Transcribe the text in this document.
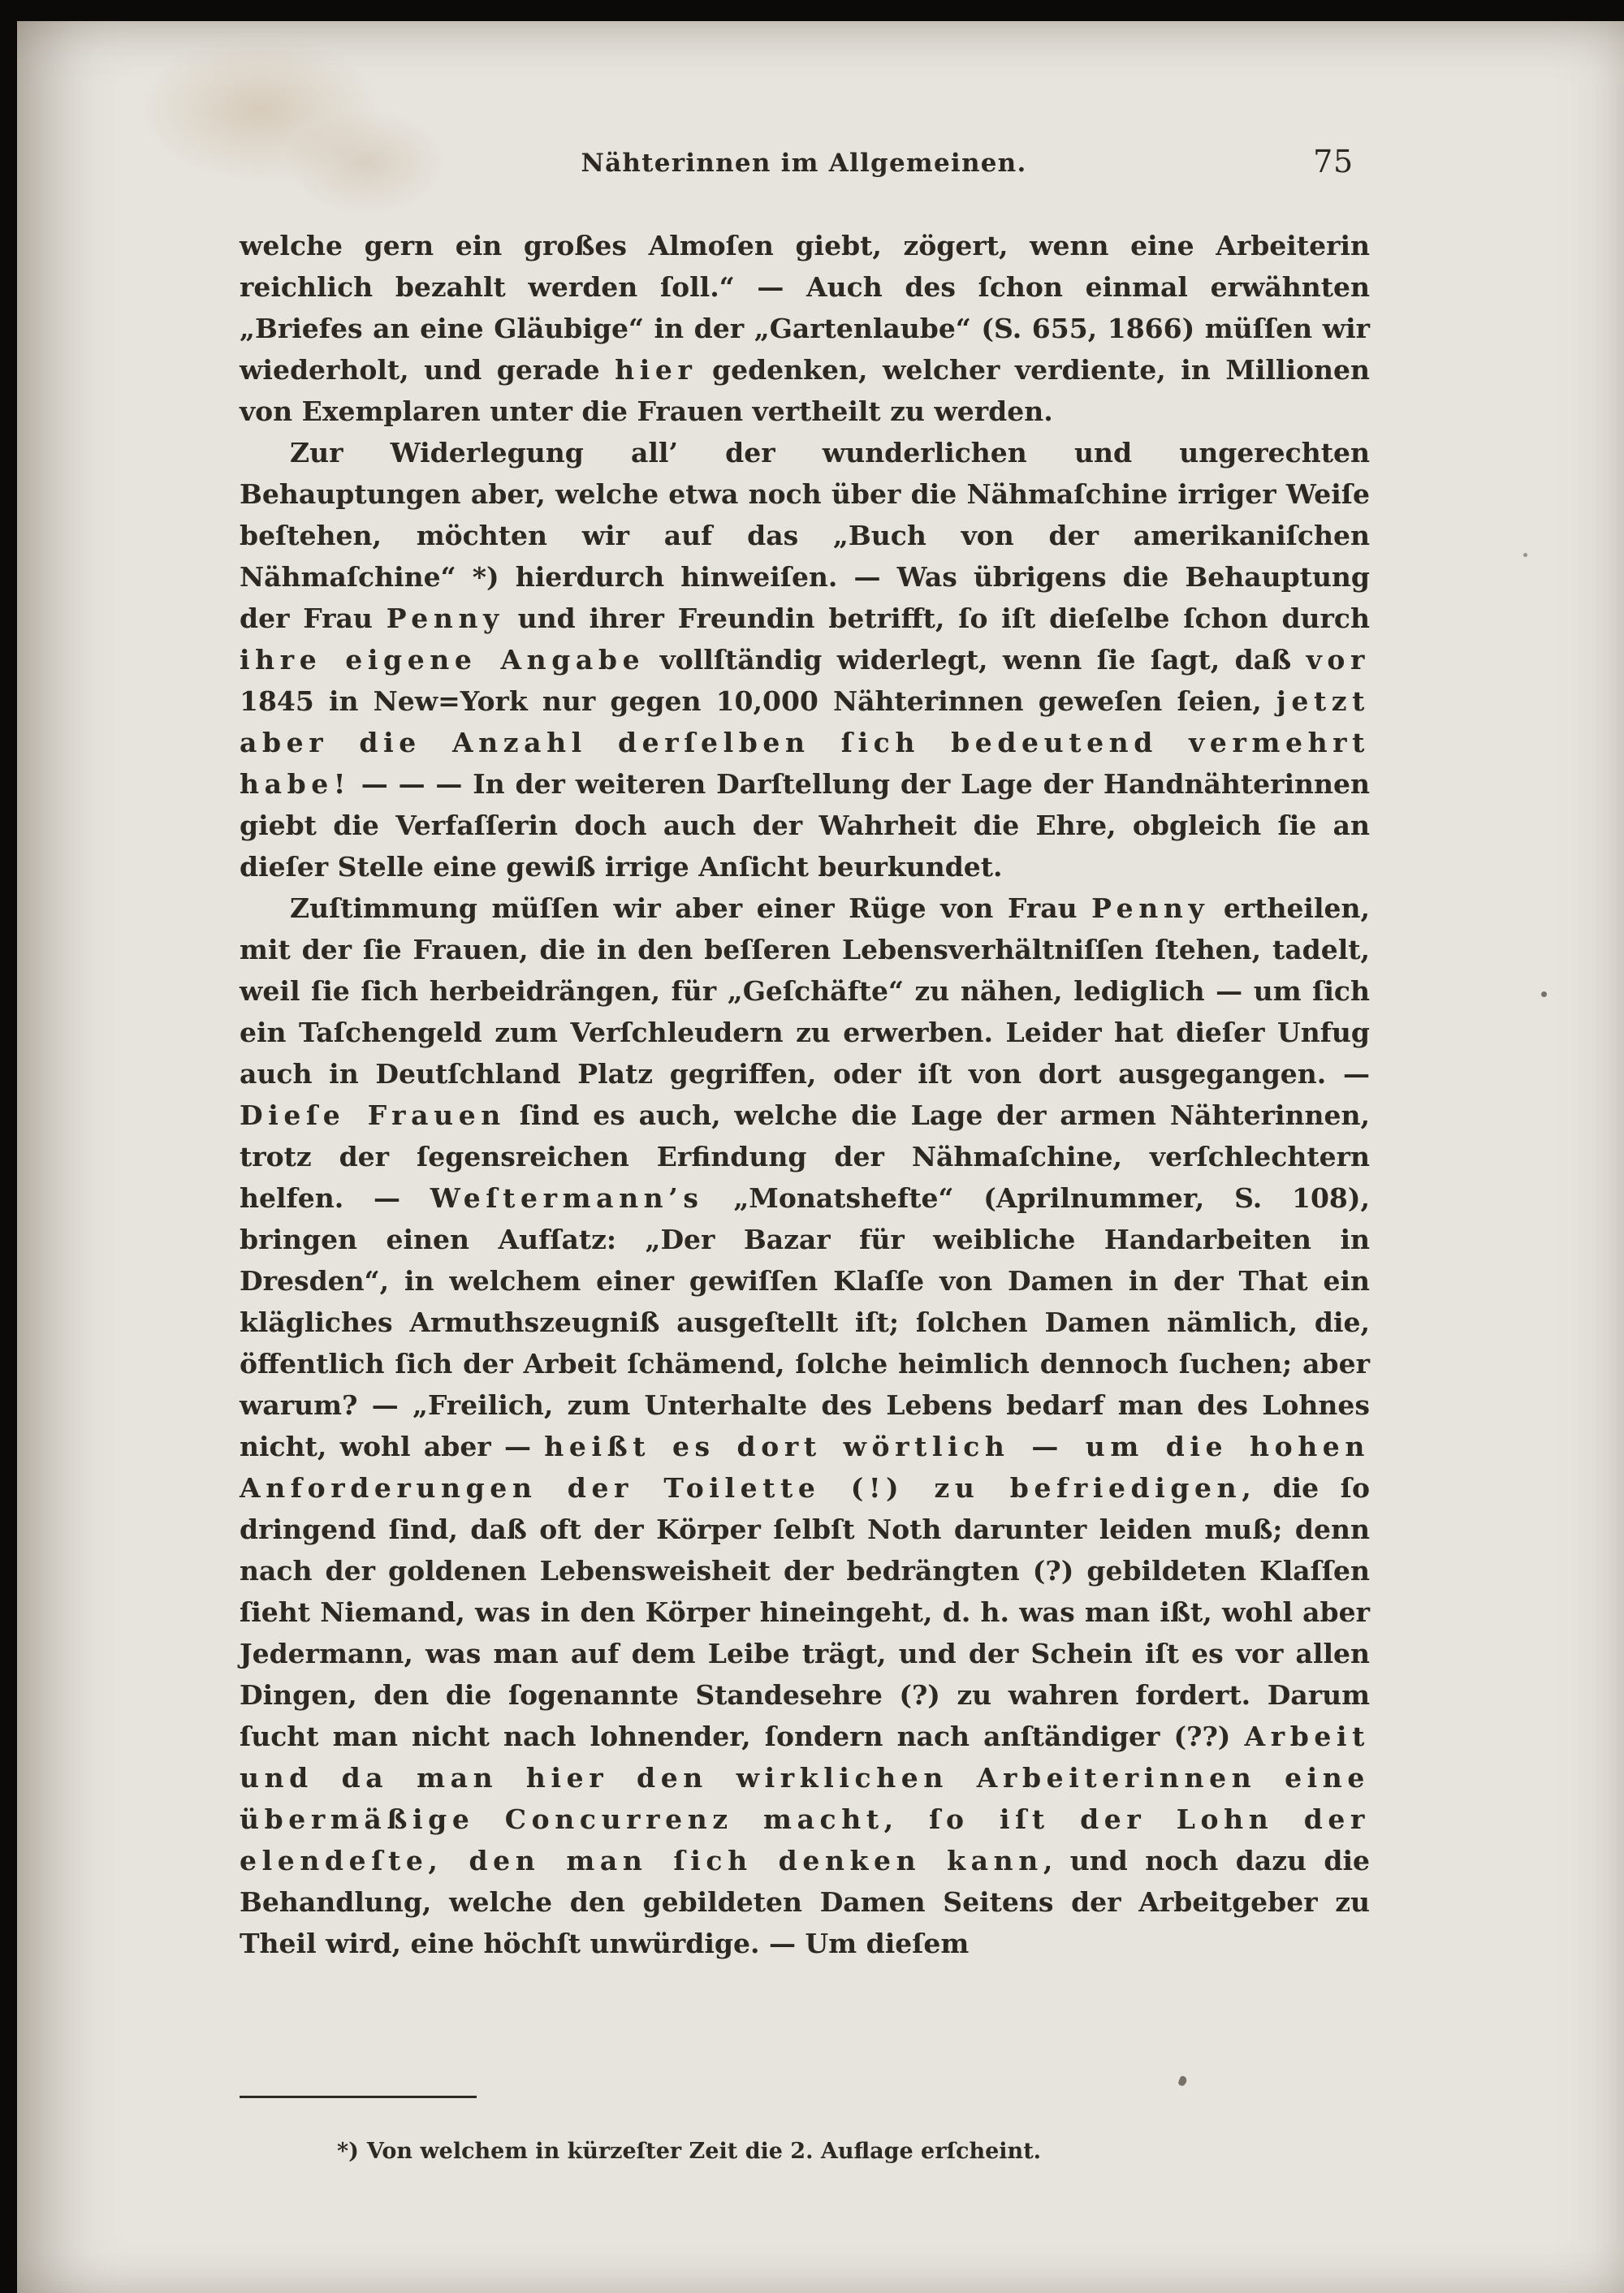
Nähterinnen im Allgemeinen.	75

welche gern ein großes Almoſen giebt, zögert, wenn eine Arbeiterin reichlich bezahlt werden ſoll.“ — Auch des ſchon einmal erwähnten „Briefes an eine Gläubige“ in der „Gartenlaube“ (S. 655, 1866) müſſen wir wiederholt, und gerade hier gedenken, welcher verdiente, in Millionen von Exemplaren unter die Frauen vertheilt zu werden.

Zur Widerlegung all’ der wunderlichen und ungerechten Behauptungen aber, welche etwa noch über die Nähmaſchine irriger Weiſe beſtehen, möchten wir auf das „Buch von der amerikaniſchen Nähmaſchine“ *) hierdurch hinweiſen. — Was übrigens die Behauptung der Frau Penny und ihrer Freundin betrifft, ſo iſt dieſelbe ſchon durch ihre eigene Angabe vollſtändig widerlegt, wenn ſie ſagt, daß vor 1845 in New=York nur gegen 10,000 Nähterinnen geweſen ſeien, jetzt aber die Anzahl derſelben ſich bedeutend vermehrt habe! — — — In der weiteren Darſtellung der Lage der Handnähterinnen giebt die Verfaſſerin doch auch der Wahrheit die Ehre, obgleich ſie an dieſer Stelle eine gewiß irrige Anſicht beurkundet.

Zuſtimmung müſſen wir aber einer Rüge von Frau Penny ertheilen, mit der ſie Frauen, die in den beſſeren Lebensverhältniſſen ſtehen, tadelt, weil ſie ſich herbeidrängen, für „Geſchäfte“ zu nähen, lediglich — um ſich ein Taſchengeld zum Verſchleudern zu erwerben. Leider hat dieſer Unfug auch in Deutſchland Platz gegriffen, oder iſt von dort ausgegangen. — Dieſe Frauen ſind es auch, welche die Lage der armen Nähterinnen, trotz der ſegensreichen Erfindung der Nähmaſchine, verſchlechtern helfen. — Weſtermann’s „Monatshefte“ (Aprilnummer, S. 108), bringen einen Aufſatz: „Der Bazar für weibliche Handarbeiten in Dresden“, in welchem einer gewiſſen Klaſſe von Damen in der That ein klägliches Armuthszeugniß ausgeſtellt iſt; ſolchen Damen nämlich, die, öffentlich ſich der Arbeit ſchämend, ſolche heimlich dennoch ſuchen; aber warum? — „Freilich, zum Unterhalte des Lebens bedarf man des Lohnes nicht, wohl aber — heißt es dort wörtlich — um die hohen Anforderungen der Toilette (!) zu befriedigen, die ſo dringend ſind, daß oft der Körper ſelbſt Noth darunter leiden muß; denn nach der goldenen Lebensweisheit der bedrängten (?) gebildeten Klaſſen ſieht Niemand, was in den Körper hineingeht, d. h. was man ißt, wohl aber Jedermann, was man auf dem Leibe trägt, und der Schein iſt es vor allen Dingen, den die ſogenannte Standesehre (?) zu wahren fordert. Darum ſucht man nicht nach lohnender, ſondern nach anſtändiger (??) Arbeit und da man hier den wirklichen Arbeiterinnen eine übermäßige Concurrenz macht, ſo iſt der Lohn der elendeſte, den man ſich denken kann, und noch dazu die Behandlung, welche den gebildeten Damen Seitens der Arbeitgeber zu Theil wird, eine höchſt unwürdige. — Um dieſem

*) Von welchem in kürzeſter Zeit die 2. Auflage erſcheint.
